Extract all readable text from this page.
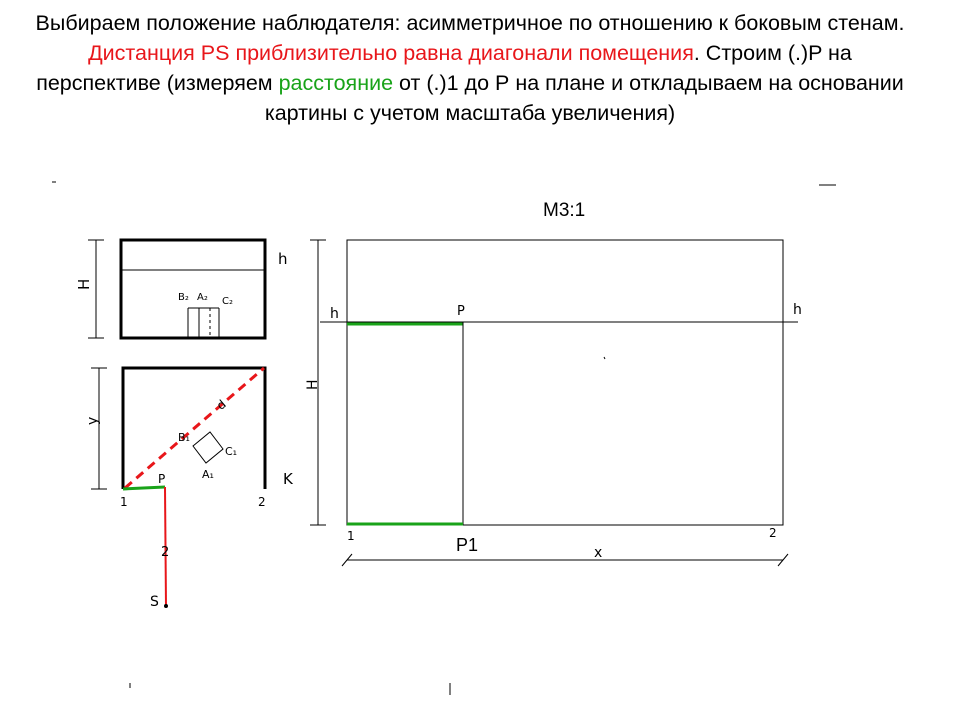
Выбираем положение наблюдателя: асимметричное по отношению к боковым стенам. Дистанция PS приблизительно равна диагонали помещения. Строим (.)P на перспективе (измеряем расстояние от (.)1 до Р на плане и откладываем на основании картины с учетом масштаба увеличения)
М3:1
P1
H
h
B₂ A₂ C₂
y
d
B₁
C₁
A₁
P
1	2
K
2
S
H
h	h
P
1	2
x
